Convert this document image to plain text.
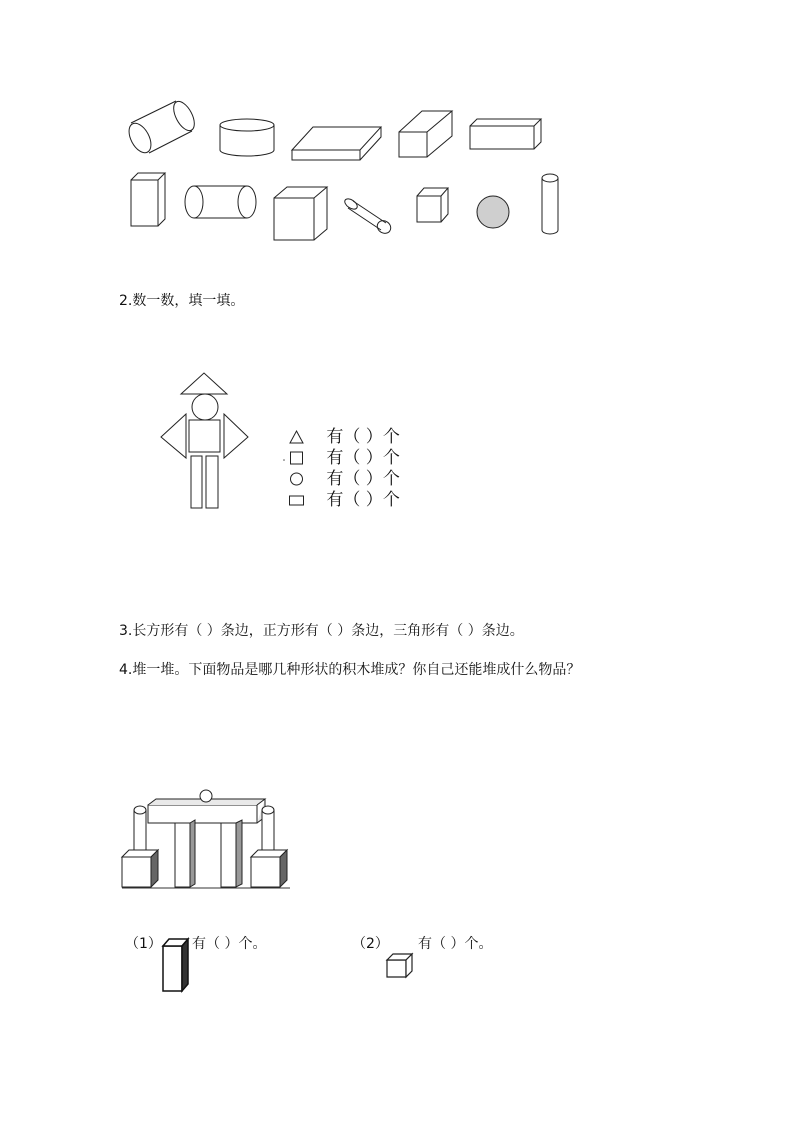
2.数一数，填一填。
有（ ）个
有（ ）个
有（ ）个
有（ ）个
3.长方形有（ ）条边，正方形有（ ）条边，三角形有（ ）条边。
4.堆一堆。下面物品是哪几种形状的积木堆成？你自己还能堆成什么物品？
（1） 有（ ）个。	（2） 有（ ）个。
